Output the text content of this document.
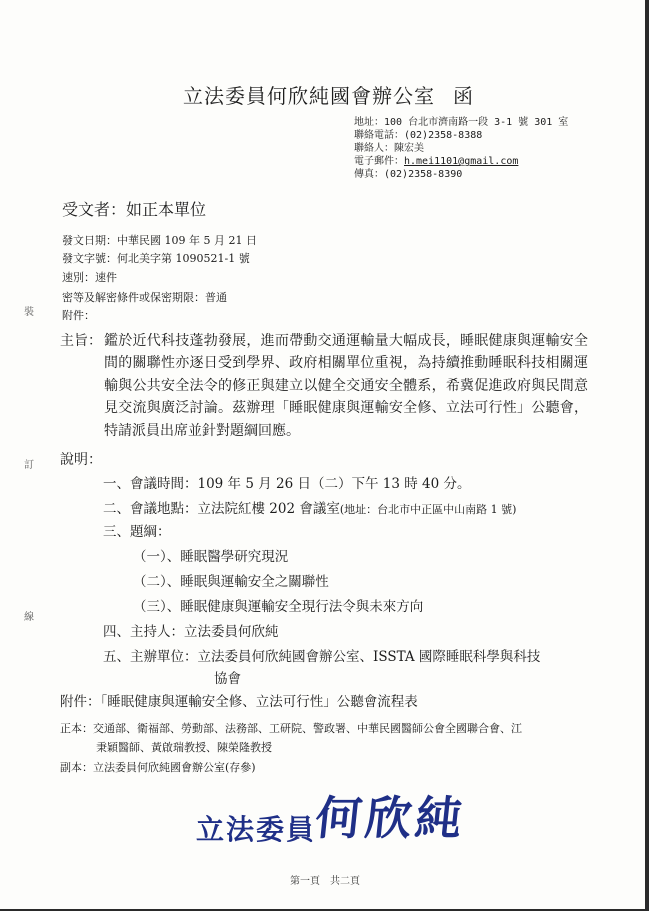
立法委員何欣純國會辦公室 函
地址：100 台北市濟南路一段 3-1 號 301 室
聯絡電話：(02)2358-8388
聯絡人：陳宏美
電子郵件：h.mei1101@gmail.com
傳真：(02)2358-8390
受文者：如正本單位
發文日期：中華民國 109 年 5 月 21 日
發文字號：何北美字第 1090521-1 號
速別：速件
密等及解密條件或保密期限：普通
附件：
主旨： 鑑於近代科技蓬勃發展，進而帶動交通運輸量大幅成長，睡眠健康與運輸安全間的關聯性亦逐日受到學界、政府相關單位重視，為持續推動睡眠科技相關運輸與公共安全法令的修正與建立以健全交通安全體系，希冀促進政府與民間意見交流與廣泛討論。茲辦理「睡眠健康與運輸安全修、立法可行性」公聽會，特請派員出席並針對題綱回應。
說明：
一、會議時間：109 年 5 月 26 日（二）下午 13 時 40 分。
二、會議地點：立法院紅樓 202 會議室(地址：台北市中正區中山南路 1 號)
三、題綱：
（一）、睡眠醫學研究現況
（二）、睡眠與運輸安全之關聯性
（三）、睡眠健康與運輸安全現行法令與未來方向
四、主持人：立法委員何欣純
五、主辦單位：立法委員何欣純國會辦公室、ISSTA 國際睡眠科學與科技
協會
附件：「睡眠健康與運輸安全修、立法可行性」公聽會流程表
正本：交通部、衛福部、勞動部、法務部、工研院、警政署、中華民國醫師公會全國聯合會、江
秉穎醫師、黃啟瑞教授、陳榮隆教授
副本：立法委員何欣純國會辦公室(存參)
裝
訂
線
立法委員何欣純
第一頁　共二頁
